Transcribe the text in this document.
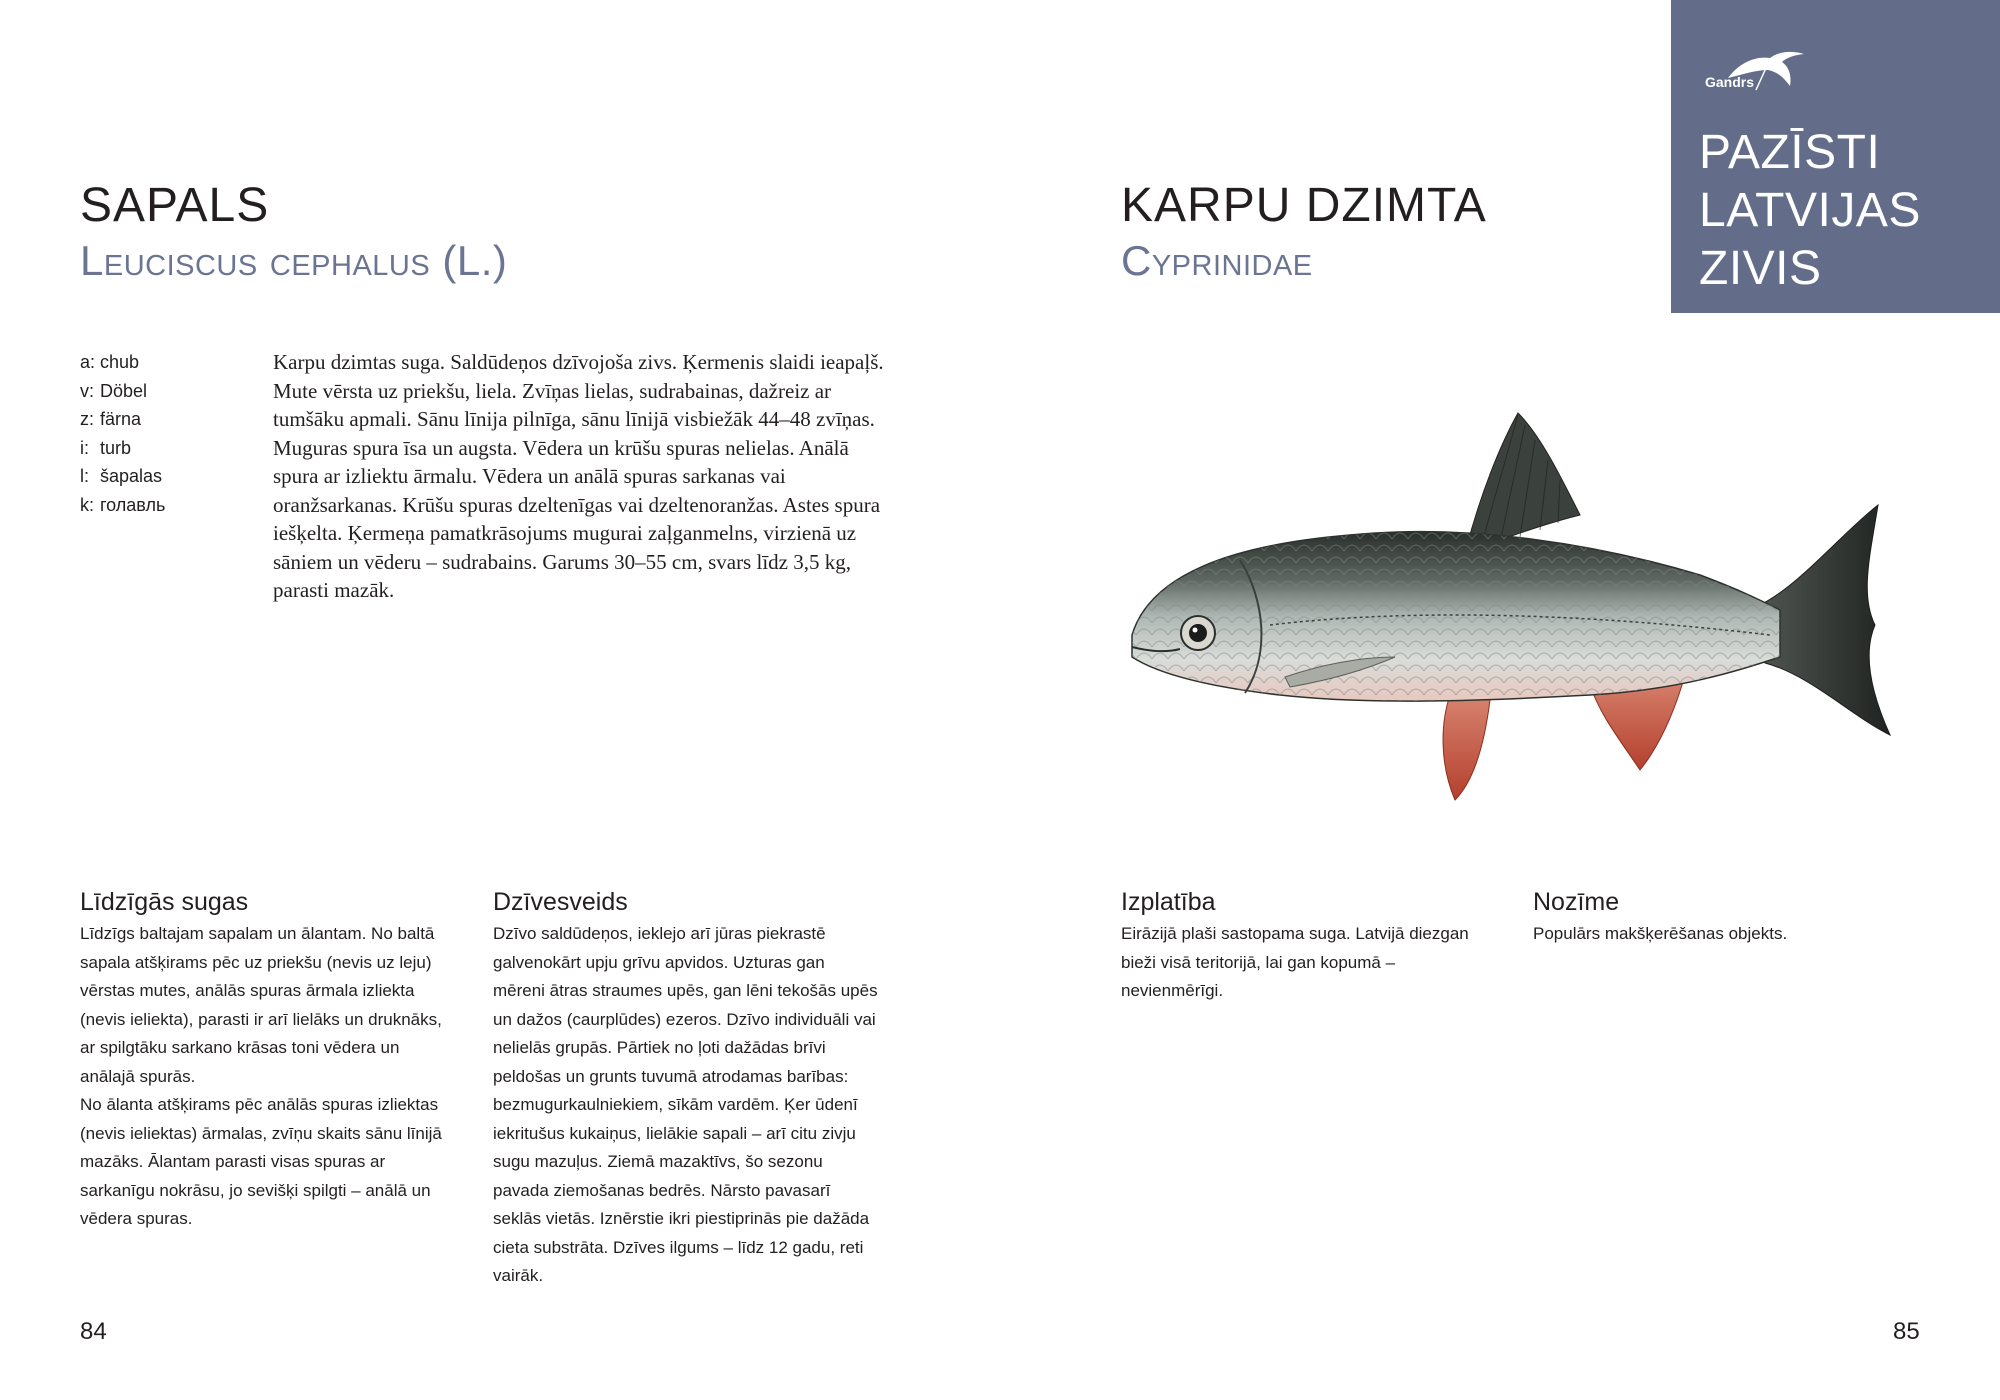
SAPALS
Leuciscus cephalus (L.)
a: chub
v: Döbel
z: färna
i: turb
l: šapalas
k: голавль
Karpu dzimtas suga. Saldūdeņos dzīvojoša zivs. Ķermenis slaidi ieapaļš. Mute vērsta uz priekšu, liela. Zvīņas lielas, sudrabainas, dažreiz ar tumšāku apmali. Sānu līnija pilnīga, sānu līnijā visbiežāk 44–48 zvīņas. Muguras spura īsa un augsta. Vēdera un krūšu spuras nelielas. Anālā spura ar izliektu ārmalu. Vēdera un anālā spuras sarkanas vai oranžsarkanas. Krūšu spuras dzeltenīgas vai dzeltenoranžas. Astes spura iešķelta. Ķermeņa pamatkrāsojums mugurai zaļganmelns, virzienā uz sāniem un vēderu – sudrabains. Garums 30–55 cm, svars līdz 3,5 kg, parasti mazāk.
Līdzīgās sugas

Līdzīgs baltajam sapalam un ālantam. No baltā sapala atšķirams pēc uz priekšu (nevis uz leju) vērstas mutes, anālās spuras ārmala izliekta (nevis ieliekta), parasti ir arī lielāks un druknāks, ar spilgtāku sarkano krāsas toni vēdera un anālajā spurās.

No ālanta atšķirams pēc anālās spuras izliektas (nevis ieliektas) ārmalas, zvīņu skaits sānu līnijā mazāks. Ālantam parasti visas spuras ar sarkanīgu nokrāsu, jo sevišķi spilgti – anālā un vēdera spuras.

Dzīvesveids
Dzīvo saldūdeņos, ieklejo arī jūras piekrastē galvenokārt upju grīvu apvidos. Uzturas gan mēreni ātras straumes upēs, gan lēni tekošās upēs un dažos (caurplūdes) ezeros. Dzīvo individuāli vai nelielās grupās. Pārtiek no ļoti dažādas brīvi peldošas un grunts tuvumā atrodamas barības: bezmugurkaulniekiem, sīkām vardēm. Ķer ūdenī iekritušus kukaiņus, lielākie sapali – arī citu zivju sugu mazuļus. Ziemā mazaktīvs, šo sezonu pavada ziemošanas bedrēs. Nārsto pavasarī seklās vietās. Iznērstie ikri piestiprinās pie dažāda cieta substrāta. Dzīves ilgums – līdz 12 gadu, reti vairāk.
84
KARPU DZIMTA
Cyprinidae
Gandrs
PAZĪSTI
LATVIJAS
ZIVIS
Izplatība
Eirāzijā plaši sastopama suga. Latvijā diezgan bieži visā teritorijā, lai gan kopumā – nevienmērīgi.
Nozīme
Populārs makšķerēšanas objekts.
85
